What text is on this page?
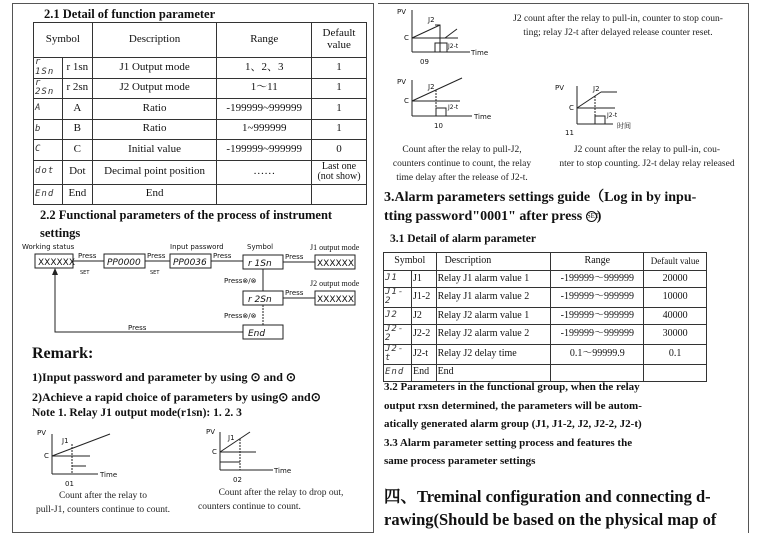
2.1 Detail of function parameter
Symbol		Description	Range	Default value
r 1Sn	r 1sn	J1 Output mode	1、2、3	1
r 2Sn	r 2sn	J2 Output mode	1～11	1
A	A	Ratio	-199999~999999	1
b	B	Ratio	1~999999	1
C	C	Initial value	-199999~999999	0
dot	Dot	Decimal point position	……	Last one (not show)
End	End	End		
2.2 Functional parameters of the process of instrument settings
Working status	Input password	Symbol	J1 output mode
J2 output mode
XXXXXX	PP0000	PP0036	r 1Sn
r 2Sn
End
XXXXXX
XXXXXX
Press	Press	Press	Press
Press
Press
Press⊗/⊗
Press⊗/⊗
SET	SET
Remark:
1)Input password and parameter by using ⊙ and ⊙
2)Achieve a rapid choice of parameters by using⊙ and⊙
Note 1. Relay J1 output mode(r1sn): 1. 2. 3
PV
J1
C
Time
01
Count after the relay to
pull-J1, counters continue to count.
PV
J1
C
Time
02
Count after the relay to drop out,
counters continue to count.
PV
J2
C
J2-t
Time
09
J2 count after the relay to pull-in, counter to stop coun-
ting; relay J2-t after delayed release counter reset.
PV
J2
C
J2-t
Time
10
PV	J2
C
J2-t
时间
11
Count after the relay to pull-J2,
counters continue to count, the relay
time delay after the release of J2-t.
J2 count after the relay to pull-in, cou-
nter to stop counting. J2-t delay relay released
3.Alarm parameters settings guide（Log in by inpu-
tting password"0001" after press SET)
3.1 Detail of alarm parameter
Symbol		Description	Range	Default value
J1	J1	Relay J1 alarm value 1	-199999～999999	20000
J1-2	J1-2	Relay J1 alarm value 2	-199999～999999	10000
J2	J2	Relay J2 alarm value 1	-199999～999999	40000
J2-2	J2-2	Relay J2 alarm value 2	-199999～999999	30000
J2-t	J2-t	Relay J2 delay time	0.1～99999.9	0.1
End	End	End		
3.2 Parameters in the functional group, when the relay
output rxsn determined, the parameters will be autom-
atically generated alarm group (J1, J1-2, J2, J2-2, J2-t)
3.3 Alarm parameter setting process and features the
same process parameter settings
四、Treminal configuration and connecting d-
rawing(Should be based on the physical map of
